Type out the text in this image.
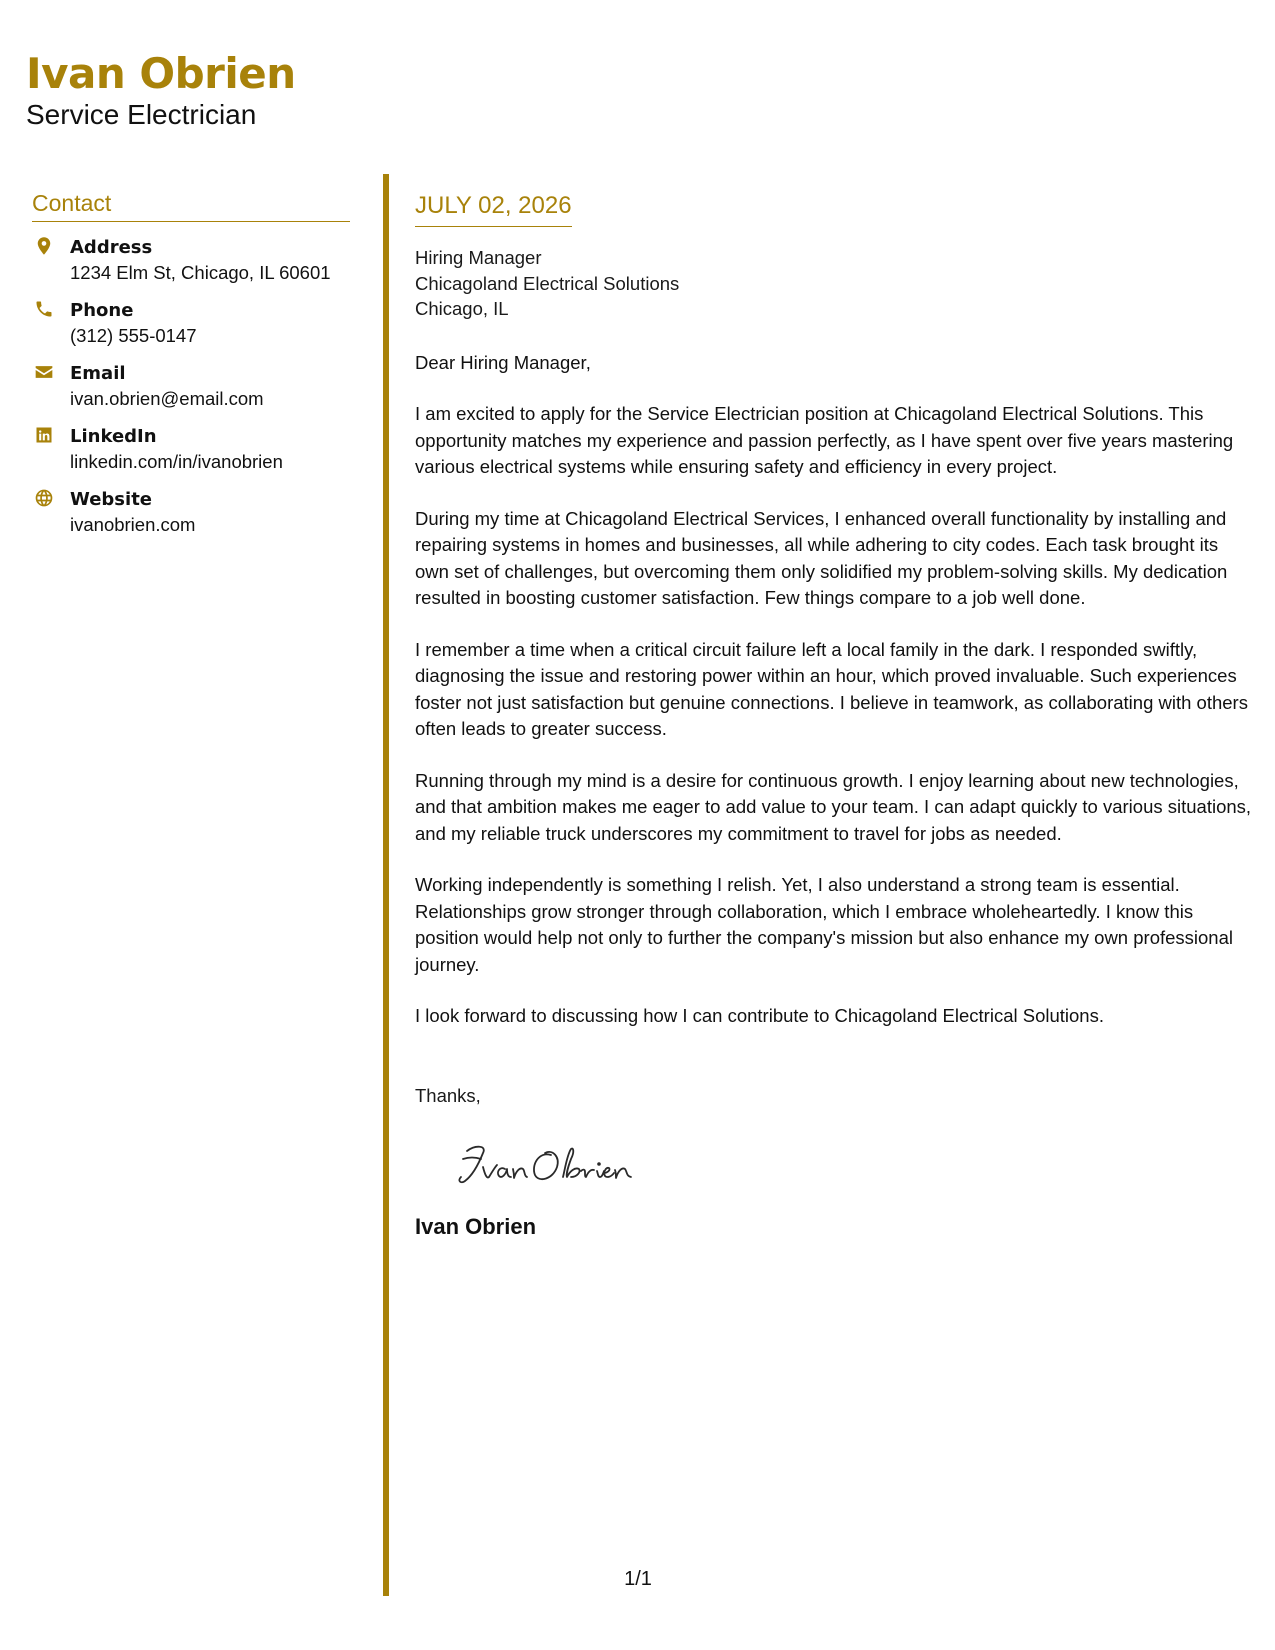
Ivan Obrien
Service Electrician
Contact
Address
1234 Elm St, Chicago, IL 60601
Phone
(312) 555-0147
Email
ivan.obrien@email.com
LinkedIn
linkedin.com/in/ivanobrien
Website
ivanobrien.com
JULY 02, 2026
Hiring Manager
Chicagoland Electrical Solutions
Chicago, IL

Dear Hiring Manager,

I am excited to apply for the Service Electrician position at Chicagoland Electrical Solutions. This opportunity matches my experience and passion perfectly, as I have spent over five years mastering various electrical systems while ensuring safety and efficiency in every project.

During my time at Chicagoland Electrical Services, I enhanced overall functionality by installing and repairing systems in homes and businesses, all while adhering to city codes. Each task brought its own set of challenges, but overcoming them only solidified my problem-solving skills. My dedication resulted in boosting customer satisfaction. Few things compare to a job well done.

I remember a time when a critical circuit failure left a local family in the dark. I responded swiftly, diagnosing the issue and restoring power within an hour, which proved invaluable. Such experiences foster not just satisfaction but genuine connections. I believe in teamwork, as collaborating with others often leads to greater success.

Running through my mind is a desire for continuous growth. I enjoy learning about new technologies, and that ambition makes me eager to add value to your team. I can adapt quickly to various situations, and my reliable truck underscores my commitment to travel for jobs as needed.

Working independently is something I relish. Yet, I also understand a strong team is essential. Relationships grow stronger through collaboration, which I embrace wholeheartedly. I know this position would help not only to further the company's mission but also enhance my own professional journey.

I look forward to discussing how I can contribute to Chicagoland Electrical Solutions.

Thanks,
Ivan Obrien
1/1
